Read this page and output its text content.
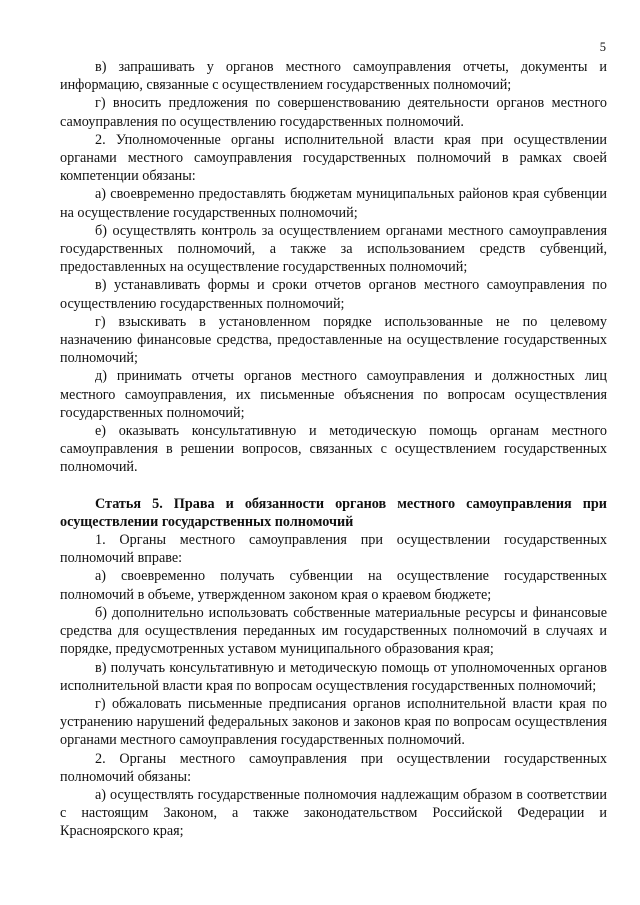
5

в) запрашивать у органов местного самоуправления отчеты, документы и информацию, связанные с осуществлением государственных полномочий;

г) вносить предложения по совершенствованию деятельности органов местного самоуправления по осуществлению государственных полномочий.

2. Уполномоченные органы исполнительной власти края при осуществлении органами местного самоуправления государственных полномочий в рамках своей компетенции обязаны:

а) своевременно предоставлять бюджетам муниципальных районов края субвенции на осуществление государственных полномочий;

б) осуществлять контроль за осуществлением органами местного самоуправления государственных полномочий, а также за использованием средств субвенций, предоставленных на осуществление государственных полномочий;

в) устанавливать формы и сроки отчетов органов местного самоуправления по осуществлению государственных полномочий;

г) взыскивать в установленном порядке использованные не по целевому назначению финансовые средства, предоставленные на осуществление государственных полномочий;

д) принимать отчеты органов местного самоуправления и должностных лиц местного самоуправления, их письменные объяснения по вопросам осуществления государственных полномочий;

е) оказывать консультативную и методическую помощь органам местного самоуправления в решении вопросов, связанных с осуществлением государственных полномочий.

Статья 5. Права и обязанности органов местного самоуправления при осуществлении государственных полномочий

1. Органы местного самоуправления при осуществлении государственных полномочий вправе:

а) своевременно получать субвенции на осуществление государственных полномочий в объеме, утвержденном законом края о краевом бюджете;

б) дополнительно использовать собственные материальные ресурсы и финансовые средства для осуществления переданных им государственных полномочий в случаях и порядке, предусмотренных уставом муниципального образования края;

в) получать консультативную и методическую помощь от уполномоченных органов исполнительной власти края по вопросам осуществления государственных полномочий;

г) обжаловать письменные предписания органов исполнительной власти края по устранению нарушений федеральных законов и законов края по вопросам осуществления органами местного самоуправления государственных полномочий.

2. Органы местного самоуправления при осуществлении государственных полномочий обязаны:

а) осуществлять государственные полномочия надлежащим образом в соответствии с настоящим Законом, а также законодательством Российской Федерации и Красноярского края;
